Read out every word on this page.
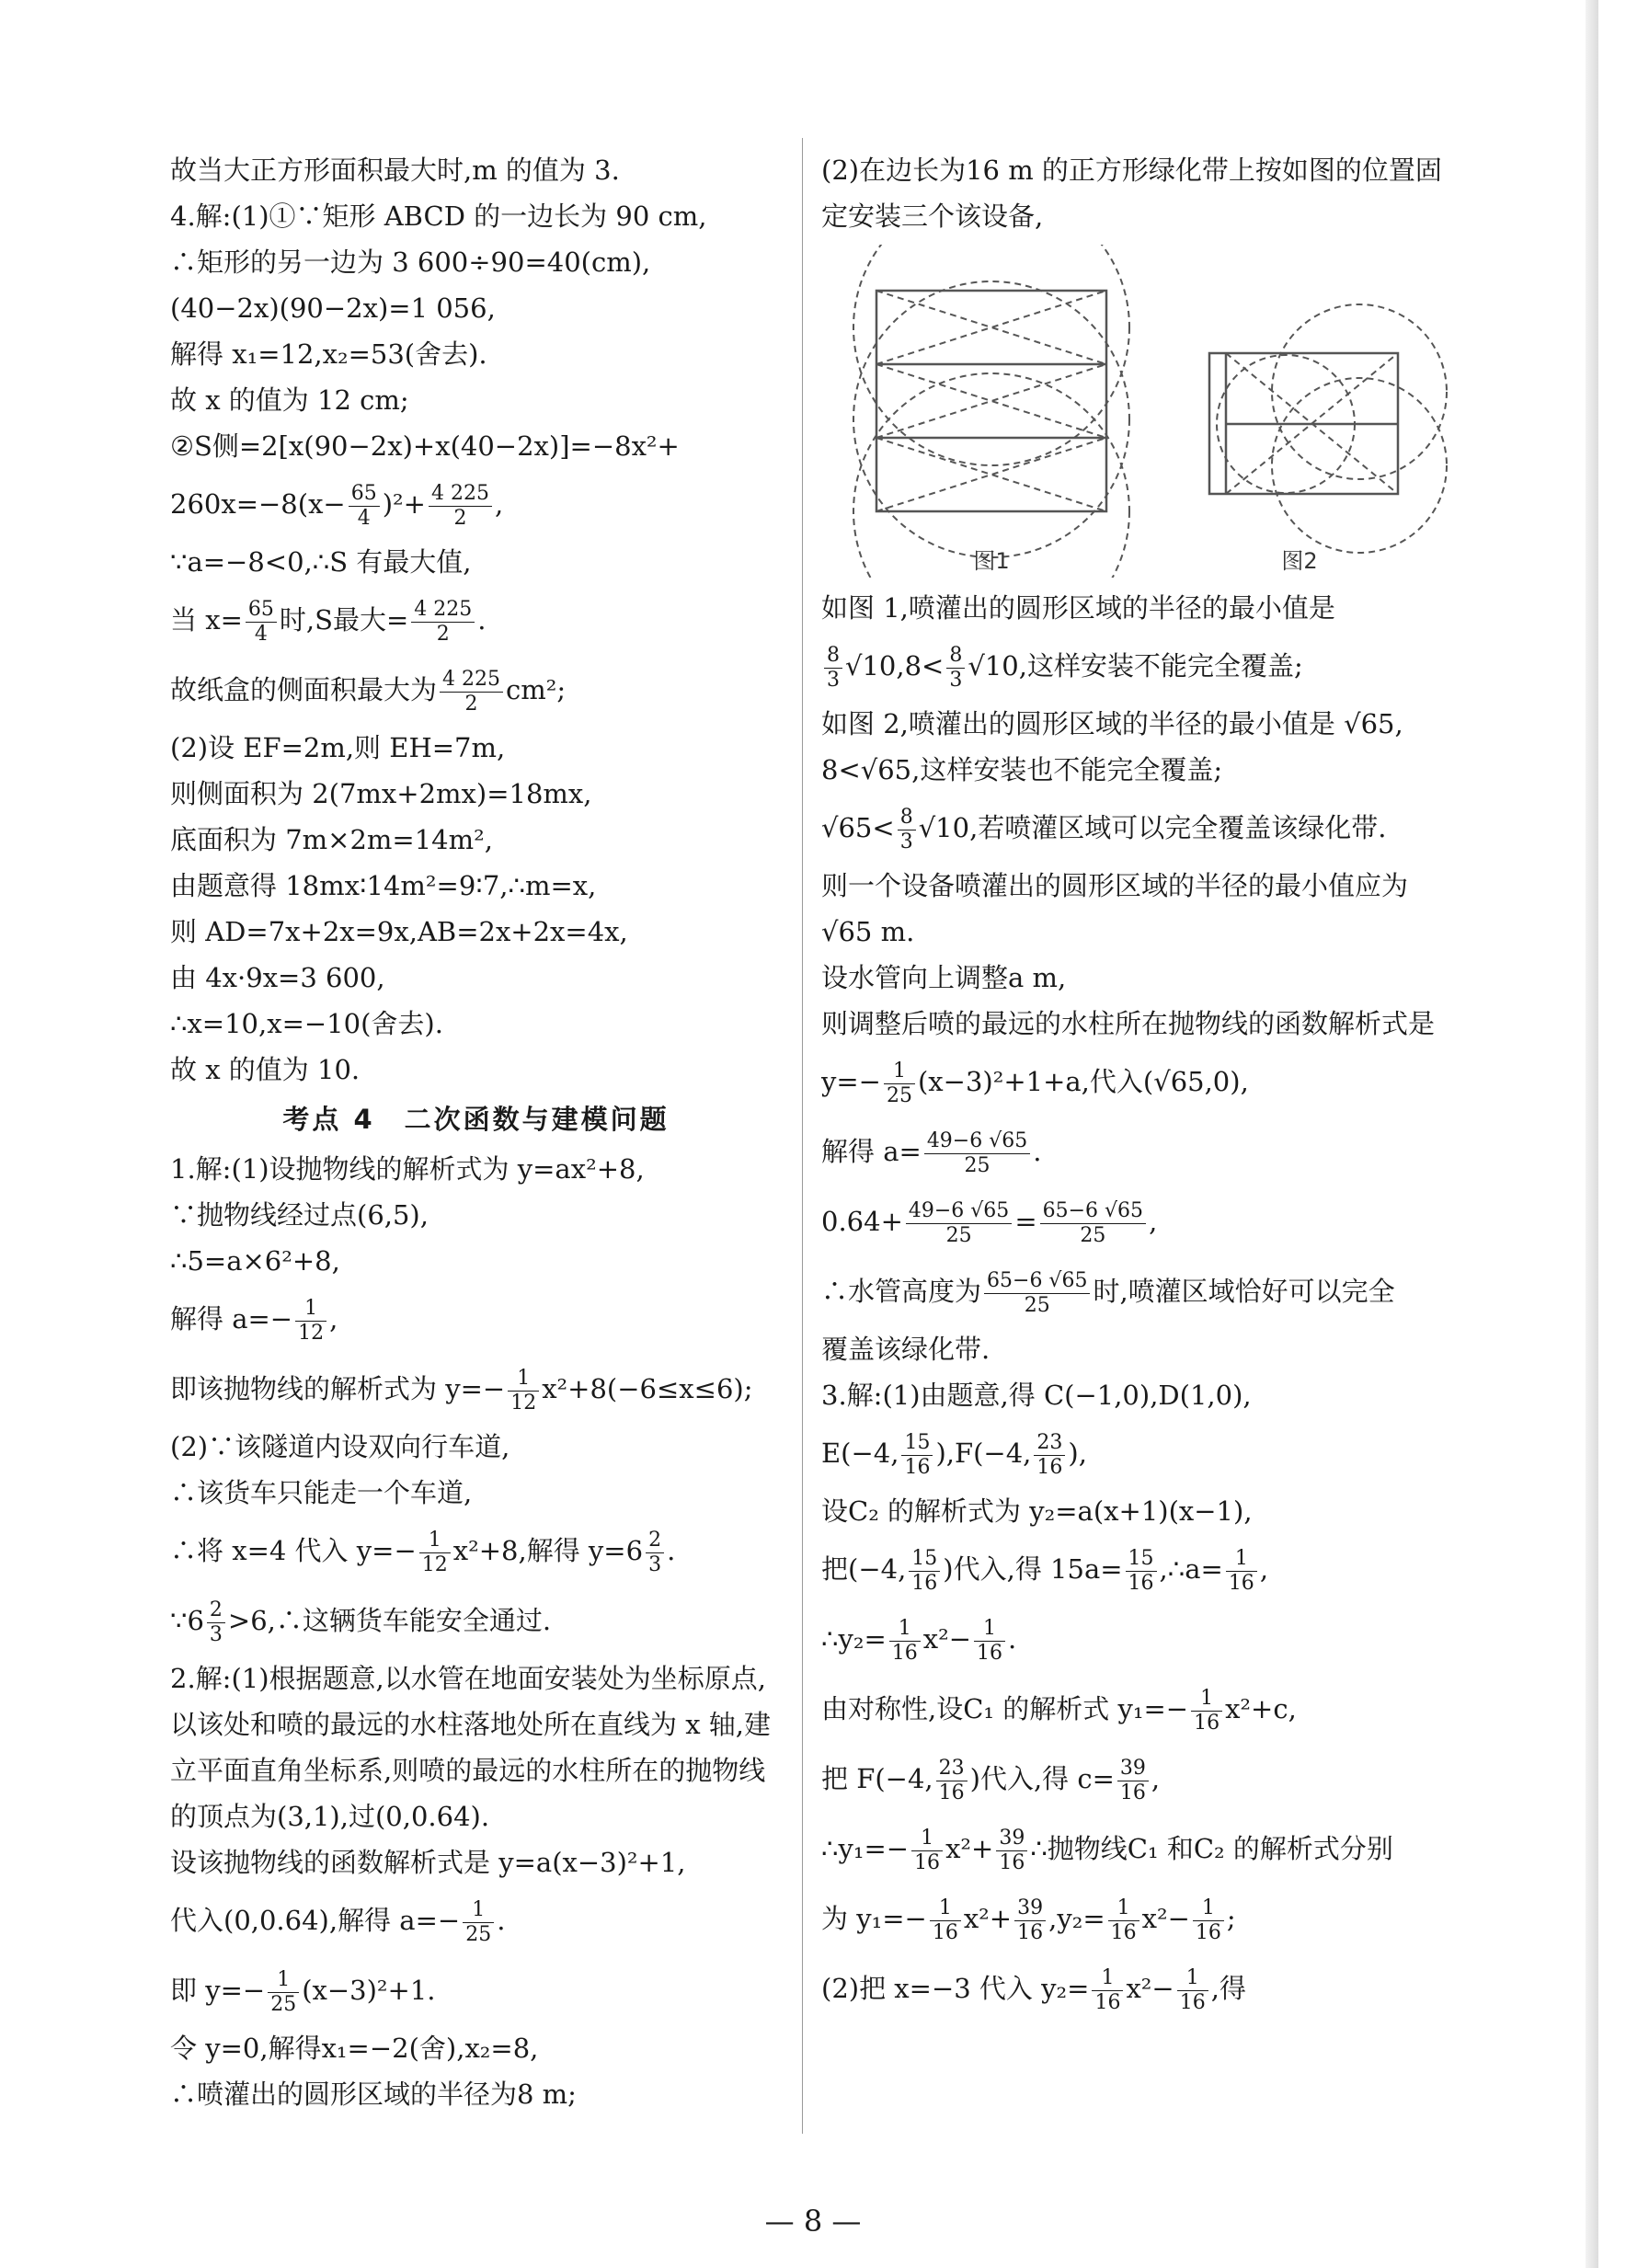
故当大正方形面积最大时,m 的值为 3.
4.解:(1)①∵矩形 ABCD 的一边长为 90 cm,
∴矩形的另一边为 3 600÷90=40(cm),
(40−2x)(90−2x)=1 056,
解得 x₁=12,x₂=53(舍去).
故 x 的值为 12 cm;
②S侧=2[x(90−2x)+x(40−2x)]=−8x²+
$260x=-8(x- \frac{65}{4} )^2+ \frac{4 225}{2}$ ,
∵a=−8<0,∴S 有最大值,
当 $x= \frac{65}{4}$ 时,S最大= $\frac{4 225}{2}$ .
故纸盒的侧面积最大为 $\frac{4 225}{2} cm^2$;
(2)设 EF=2m,则 EH=7m,
则侧面积为 2(7mx+2mx)=18mx,
底面积为 7m×2m=14m²,
由题意得 18mx∶14m²=9∶7,∴m=x,
则 AD=7x+2x=9x,AB=2x+2x=4x,
由 4x·9x=3 600,
∴x=10,x=−10(舍去).
故 x 的值为 10.
考点 4　二次函数与建模问题
1.解:(1)设抛物线的解析式为 y=ax²+8,
∵抛物线经过点(6,5),
∴5=a×6²+8,
解得 $a=- \frac{1}{12}$ ,
即该抛物线的解析式为 $y=- \frac{1}{12} x^2+8(-6\le x\le 6)$;
(2)∵该隧道内设双向行车道,
∴该货车只能走一个车道,
∴将 x=4 代入 $y=- \frac{1}{12} x^2+8$,解得 $y=6 \frac{2}{3}$ .
∵6 $\frac{2}{3}$ >6,∴这辆货车能安全通过.
2.解:(1)根据题意,以水管在地面安装处为坐标原点,以该处和喷的最远的水柱落地处所在直线为 x 轴,建立平面直角坐标系,则喷的最远的水柱所在的抛物线的顶点为(3,1),过(0,0.64).
设该抛物线的函数解析式是 y=a(x−3)²+1,
代入(0,0.64),解得 $a=- \frac{1}{25}$ .
即 $y=- \frac{1}{25} (x-3)^2+1$.
令 y=0,解得x₁=−2(舍),x₂=8,
∴喷灌出的圆形区域的半径为8 m;
(2)在边长为16 m 的正方形绿化带上按如图的位置固定安装三个该设备,
图1	图2
如图 1,喷灌出的圆形区域的半径的最小值是
$\frac{8}{3} √10,8< \frac{8}{3} √10$,这样安装不能完全覆盖;
如图 2,喷灌出的圆形区域的半径的最小值是 √65,
8<√65,这样安装也不能完全覆盖;
$√65< \frac{8}{3} √10$,若喷灌区域可以完全覆盖该绿化带.
则一个设备喷灌出的圆形区域的半径的最小值应为
√65 m.
设水管向上调整a m,
则调整后喷的最远的水柱所在抛物线的函数解析式是
$y=- \frac{1}{25} (x-3)^2+1+a$,代入(√65,0),
解得 $a= \frac{49-6 √65}{25}$ .
$0.64+ \frac{49-6 √65}{25} = \frac{65-6 √65}{25}$ ,
∴水管高度为 $\frac{65-6 √65}{25}$ 时,喷灌区域恰好可以完全
覆盖该绿化带.
3.解:(1)由题意,得 C(−1,0),D(1,0),
E(−4, $\frac{15}{16} ),F(-4$, $\frac{23}{16}$ ),
设C₂ 的解析式为 y₂=a(x+1)(x−1),
把(−4, $\frac{15}{16}$ )代入,得 $15a= \frac{15}{16}$ ,∴a= $\frac{1}{16}$ ,
∴y₂= $\frac{1}{16} x^2- \frac{1}{16}$ .
由对称性,设C₁ 的解析式 $y_1=- \frac{1}{16} x^2+c$,
把 F(−4, $\frac{23}{16}$ )代入,得 $c= \frac{39}{16}$ ,
∴y₁=− $\frac{1}{16} x^2+ \frac{39}{16}$ ∴抛物线C₁ 和C₂ 的解析式分别
为 $y_1=- \frac{1}{16} x^2+ \frac{39}{16} ,y_2= \frac{1}{16} x^2- \frac{1}{16}$ ;
(2)把 x=−3 代入 $y_2= \frac{1}{16} x^2- \frac{1}{16}$ ,得
— 8 —
